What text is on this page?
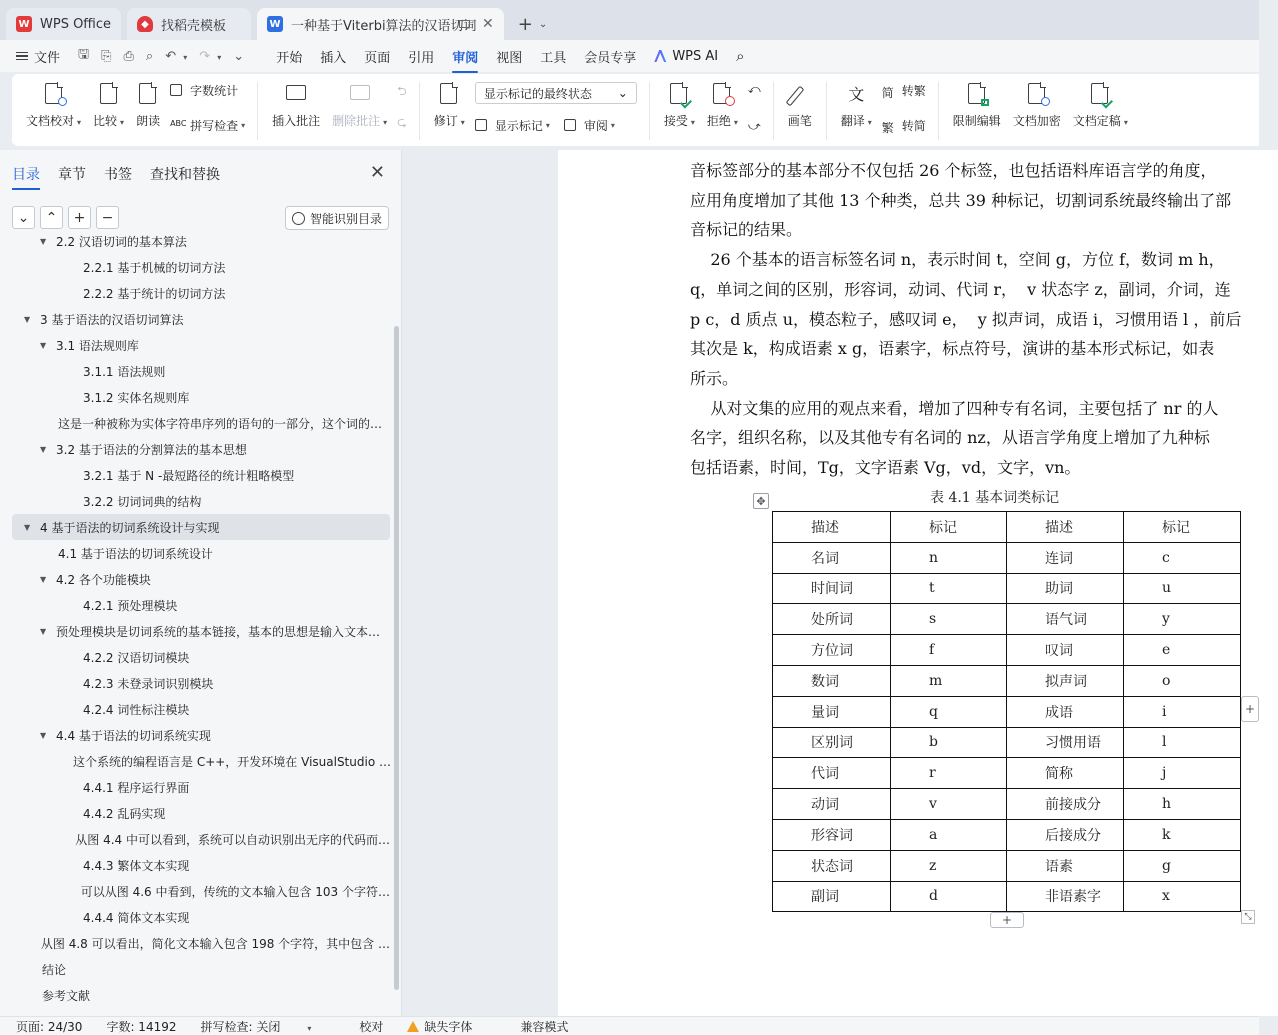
W WPS Office	◆ 找稻壳模板	W 一种基于Viterbi算法的汉语切词 ✕ + ⌄
文件 🖫 ⎘ ⎙ ⌕ ↶ ▾ ↷ ▾ ⌄ 开始 插入 页面 引用 审阅 视图 工具 会员专享	WPS AI ⌕
文档校对 ▾ 比较 ▾ 朗读
字数统计
ABC 拼写检查 ▾ 插入批注 删除批注 ▾
⮌
⮎ 修订 ▾
显示标记的最终状态 ⌄
显示标记 ▾	审阅 ▾	接受 ▾ 拒绝 ▾
⤺
⤻ 画笔
文
翻译 ▾
简 转繁
繁 转简 限制编辑 文档加密 文档定稿 ▾
目录 章节 书签 查找和替换	✕
⌄	⌃	+	−	智能识别目录
▼ 2.2 汉语切词的基本算法
2.2.1 基于机械的切词方法
2.2.2 基于统计的切词方法
▼ 3 基于语法的汉语切词算法
▼ 3.1 语法规则库
3.1.1 语法规则
3.1.2 实体名规则库
这是一种被称为实体字符串序列的语句的一部分，这个词的…
▼ 3.2 基于语法的分割算法的基本思想
3.2.1 基于 N -最短路径的统计粗略模型
3.2.2 切词词典的结构
▼ 4 基于语法的切词系统设计与实现
4.1 基于语法的切词系统设计
▼ 4.2 各个功能模块
4.2.1 预处理模块
▼ 预处理模块是切词系统的基本链接，基本的思想是输入文本…
4.2.2 汉语切词模块
4.2.3 未登录词识别模块
4.2.4 词性标注模块
▼ 4.4 基于语法的切词系统实现
这个系统的编程语言是 C++，开发环境在 VisualStudio …
4.4.1 程序运行界面
4.4.2 乱码实现
从图 4.4 中可以看到，系统可以自动识别出无序的代码而…
4.4.3 繁体文本实现
可以从图 4.6 中看到，传统的文本输入包含 103 个字符…
4.4.4 简体文本实现
从图 4.8 可以看出，简化文本输入包含 198 个字符，其中包含 …
结论
参考文献
音标签部分的基本部分不仅包括 26 个标签，也包括语料库语言学的角度，
应用角度增加了其他 13 个种类，总共 39 种标记，切割词系统最终输出了部
音标记的结果。
26 个基本的语言标签名词 n，表示时间 t，空间 g，方位 f，数词 m h，
q，单词之间的区别，形容词，动词、代词 r，  v 状态字 z，副词，介词，连
p c，d 质点 u，模态粒子，感叹词 e，  y 拟声词，成语 i，习惯用语 l ，前后
其次是 k，构成语素 x g，语素字，标点符号，演讲的基本形式标记，如表
所示。
从对文集的应用的观点来看，增加了四种专有名词，主要包括了 nr 的人
名字，组织名称，以及其他专有名词的 nz，从语言学角度上增加了九种标
包括语素，时间，Tg，文字语素 Vg，vd，文字，vn。
✥	表 4.1 基本词类标记
描述	标记	描述	标记
名词	n	连词	c
时间词	t	助词	u
处所词	s	语气词	y
方位词	f	叹词	e
数词	m	拟声词	o
量词	q	成语	i
区别词	b	习惯用语	l
代词	r	简称	j
动词	v	前接成分	h
形容词	a	后接成分	k
状态词	z	语素	g
副词	d	非语素字	x
+
+
⤡
页面: 24/30 字数: 14192 拼写检查: 关闭	▾	校对	缺失字体	兼容模式
